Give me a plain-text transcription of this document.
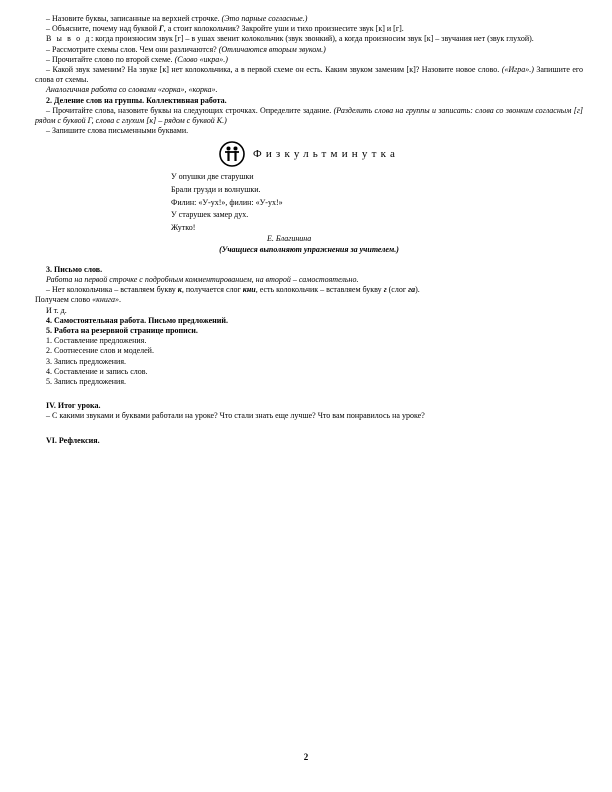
– Назовите буквы, записанные на верхней строчке. (Это парные согласные.)

– Объясните, почему над буквой Г, а стоит колокольчик? Закройте уши и тихо произнесите звук [к] и [г].

В ы в о д: когда произносим звук [г] – в ушах звенит колокольчик (звук звонкий), а когда произносим звук [к] – звучания нет (звук глухой).

– Рассмотрите схемы слов. Чем они различаются? (Отличаются вторым звуком.)

– Прочитайте слово по второй схеме. (Слово «икра».)

– Какой звук заменим? На звуке [к] нет колокольчика, а в первой схеме он есть. Каким звуком заменим [к]? Назовите новое слово. («Игра».) Запишите его слова от схемы.

Аналогичная работа со словами «горка», «корка».

2. Деление слов на группы. Коллективная работа.

– Прочитайте слова, назовите буквы на следующих строчках. Определите задание. (Разделить слова на группы и записать: слова со звонким согласным [г] рядом с буквой Г, слова с глухим [к] – рядом с буквой К.)

– Запишите слова письменными буквами.

Физкультминутка

У опушки две старушки

Брали грузди и волнушки.

Филин: «У-ух!», филин: «У-ух!»

У старушек замер дух.

Жутко!

Е. Благинина

(Учащиеся выполняют упражнения за учителем.)

3. Письмо слов.

Работа на первой строчке с подробным комментированием, на второй – самостоятельно.

– Нет колокольчика – вставляем букву к, получается слог кни, есть колокольчик – вставляем букву г (слог га).

Получаем слово «книга».

И т. д.

4. Самостоятельная работа. Письмо предложений.

5. Работа на резервной странице прописи.

1. Составление предложения.

2. Соотнесение слов и моделей.

3. Запись предложения.

4. Составление и запись слов.

5. Запись предложения.

IV. Итог урока.

– С какими звуками и буквами работали на уроке? Что стали знать еще лучше? Что вам понравилось на уроке?

VI. Рефлексия.

2
